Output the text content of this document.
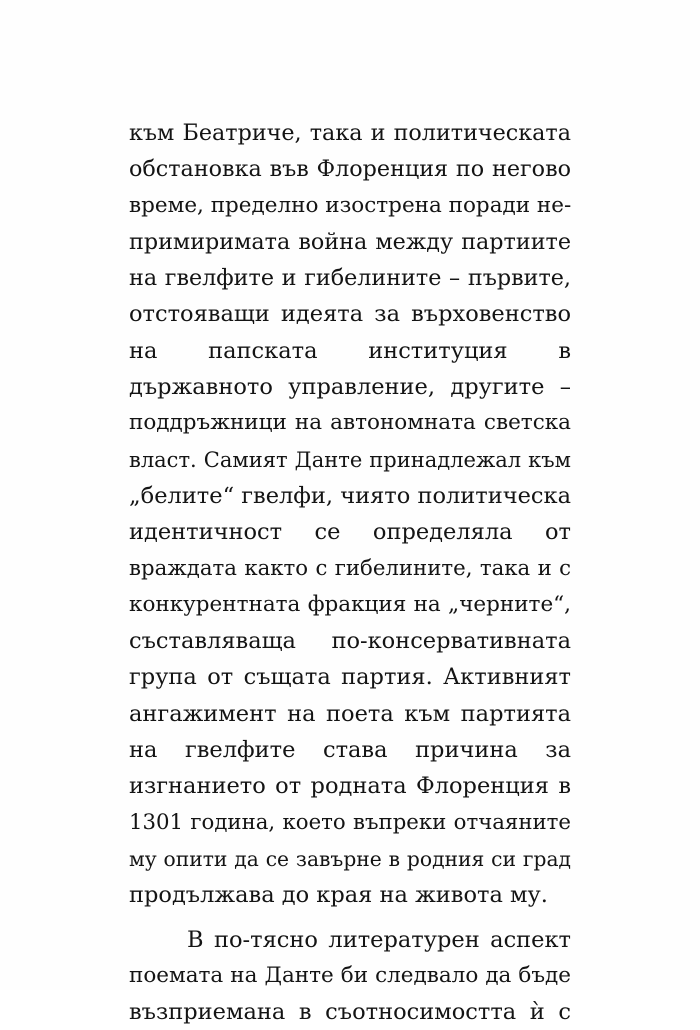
към Беатриче, така и политическата
обстановка във Флоренция по негово
време, пределно изострена поради не-
примиримата война между партиите
на гвелфите и гибелините – първите,
отстояващи идеята за върховенство
на папската институция в
държавното управление, другите –
поддръжници на автономната светска
власт. Самият Данте принадлежал към
„белите“ гвелфи, чиято политическа
идентичност се определяла от
враждата както с гибелините, така и с
конкурентната фракция на „черните“,
съставляваща по-консервативната
група от същата партия. Активният
ангажимент на поета към партията
на гвелфите става причина за
изгнанието от родната Флоренция в
1301 година, което въпреки отчаяните
му опити да се завърне в родния си град
продължава до края на живота му.
В по-тясно литературен аспект
поемата на Данте би следвало да бъде
възприемана в съотносимостта ѝ с
